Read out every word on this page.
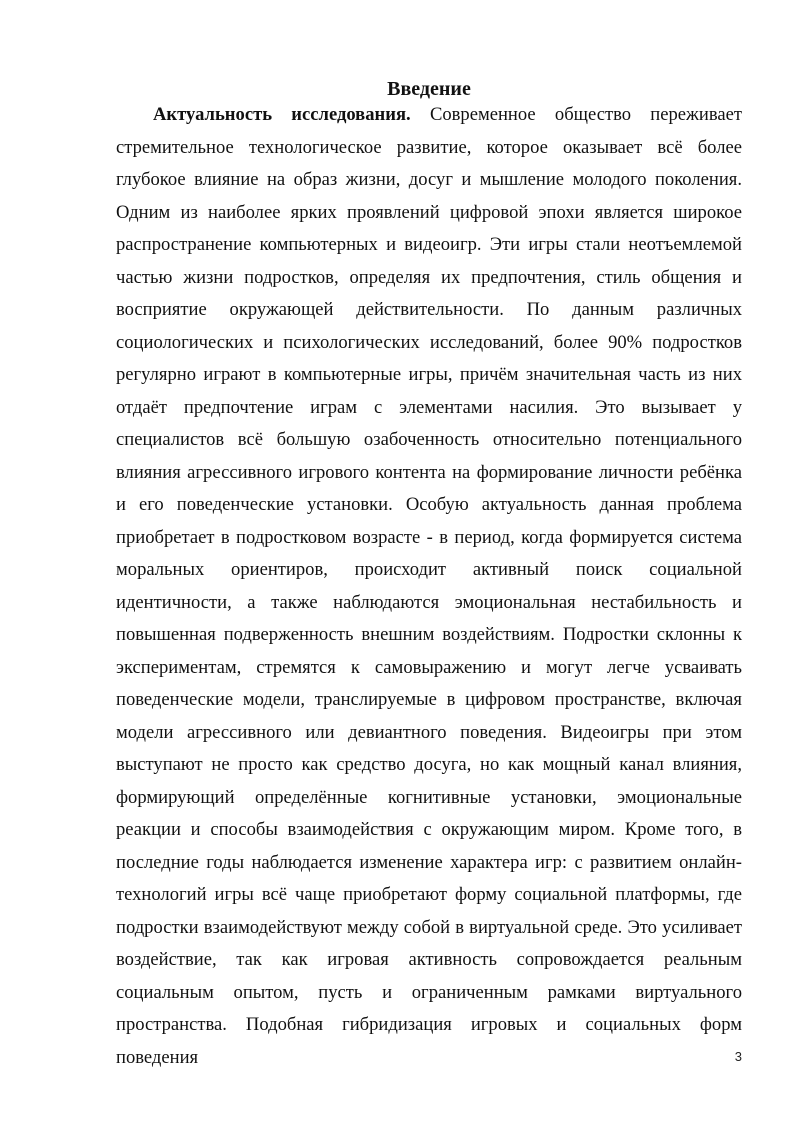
Введение

Актуальность исследования. Современное общество переживает стремительное технологическое развитие, которое оказывает всё более глубокое влияние на образ жизни, досуг и мышление молодого поколения. Одним из наиболее ярких проявлений цифровой эпохи является широкое распространение компьютерных и видеоигр. Эти игры стали неотъемлемой частью жизни подростков, определяя их предпочтения, стиль общения и восприятие окружающей действительности. По данным различных социологических и психологических исследований, более 90% подростков регулярно играют в компьютерные игры, причём значительная часть из них отдаёт предпочтение играм с элементами насилия. Это вызывает у специалистов всё большую озабоченность относительно потенциального влияния агрессивного игрового контента на формирование личности ребёнка и его поведенческие установки. Особую актуальность данная проблема приобретает в подростковом возрасте - в период, когда формируется система моральных ориентиров, происходит активный поиск социальной идентичности, а также наблюдаются эмоциональная нестабильность и повышенная подверженность внешним воздействиям. Подростки склонны к экспериментам, стремятся к самовыражению и могут легче усваивать поведенческие модели, транслируемые в цифровом пространстве, включая модели агрессивного или девиантного поведения. Видеоигры при этом выступают не просто как средство досуга, но как мощный канал влияния, формирующий определённые когнитивные установки, эмоциональные реакции и способы взаимодействия с окружающим миром. Кроме того, в последние годы наблюдается изменение характера игр: с развитием онлайн-технологий игры всё чаще приобретают форму социальной платформы, где подростки взаимодействуют между собой в виртуальной среде. Это усиливает воздействие, так как игровая активность сопровождается реальным социальным опытом, пусть и ограниченным рамками виртуального пространства. Подобная гибридизация игровых и социальных форм поведения	3
